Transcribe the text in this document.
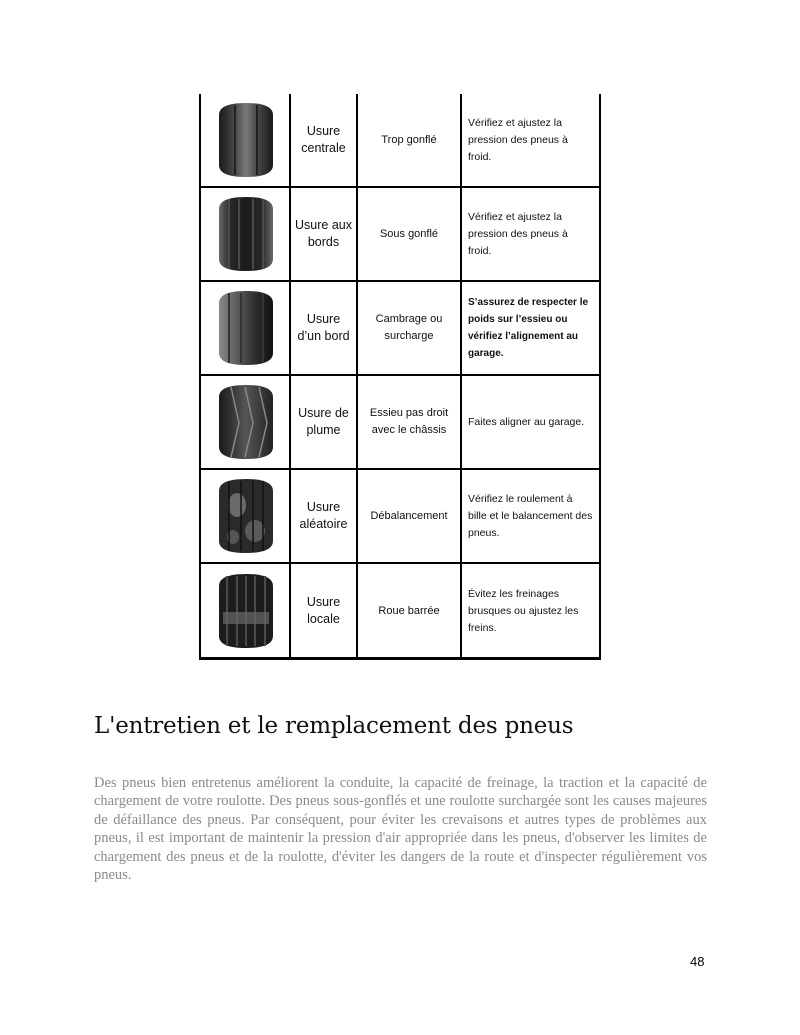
Usure centrale
Trop gonflé
Vérifiez et ajustez la pression des pneus à froid.
Usure aux bords
Sous gonflé
Vérifiez et ajustez la pression des pneus à froid.
Usure d’un bord
Cambrage ou surcharge
S’assurez de respecter le poids sur l’essieu ou vérifiez l’alignement au garage.
Usure de plume
Essieu pas droit avec le châssis
Faites aligner au garage.
Usure aléatoire
Débalancement
Vérifiez le roulement à bille et le balancement des pneus.
Usure locale
Roue barrée
Évitez les freinages brusques ou ajustez les freins.
L'entretien et le remplacement des pneus

Des pneus bien entretenus améliorent la conduite, la capacité de freinage, la traction et la capacité de chargement de votre roulotte. Des pneus sous-gonflés et une roulotte surchargée sont les causes majeures de défaillance des pneus. Par conséquent, pour éviter les crevaisons et autres types de problèmes aux pneus, il est important de maintenir la pression d'air appropriée dans les pneus, d'observer les limites de chargement des pneus et de la roulotte, d'éviter les dangers de la route et d'inspecter régulièrement vos pneus.

48
